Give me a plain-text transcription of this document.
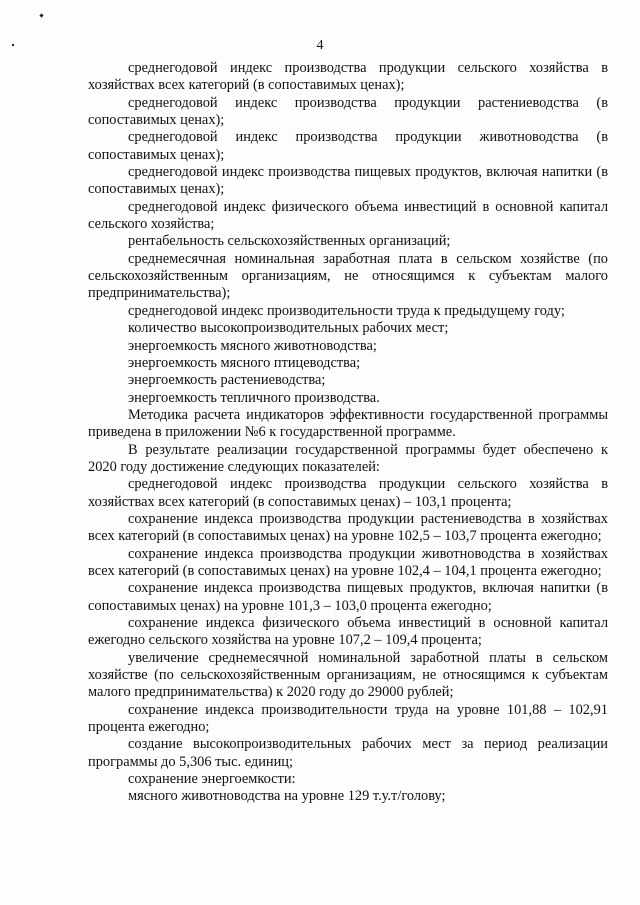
4

среднегодовой индекс производства продукции сельского хозяйства в хозяйствах всех категорий (в сопоставимых ценах);

среднегодовой индекс производства продукции растениеводства (в сопоставимых ценах);

среднегодовой индекс производства продукции животноводства (в сопоставимых ценах);

среднегодовой индекс производства пищевых продуктов, включая напитки (в сопоставимых ценах);

среднегодовой индекс физического объема инвестиций в основной капитал сельского хозяйства;

рентабельность сельскохозяйственных организаций;

среднемесячная номинальная заработная плата в сельском хозяйстве (по сельскохозяйственным организациям, не относящимся к субъектам малого предпринимательства);

среднегодовой индекс производительности труда к предыдущему году;

количество высокопроизводительных рабочих мест;

энергоемкость мясного животноводства;

энергоемкость мясного птицеводства;

энергоемкость растениеводства;

энергоемкость тепличного производства.

Методика расчета индикаторов эффективности государственной программы приведена в приложении №6 к государственной программе.

В результате реализации государственной программы будет обеспечено к 2020 году достижение следующих показателей:

среднегодовой индекс производства продукции сельского хозяйства в хозяйствах всех категорий (в сопоставимых ценах) – 103,1 процента;

сохранение индекса производства продукции растениеводства в хозяйствах всех категорий (в сопоставимых ценах) на уровне 102,5 – 103,7 процента ежегодно;

сохранение индекса производства продукции животноводства в хозяйствах всех категорий (в сопоставимых ценах) на уровне 102,4 – 104,1 процента ежегодно;

сохранение индекса производства пищевых продуктов, включая напитки (в сопоставимых ценах) на уровне 101,3 – 103,0 процента ежегодно;

сохранение индекса физического объема инвестиций в основной капитал ежегодно сельского хозяйства на уровне 107,2 – 109,4 процента;

увеличение среднемесячной номинальной заработной платы в сельском хозяйстве (по сельскохозяйственным организациям, не относящимся к субъектам малого предпринимательства) к 2020 году до 29000 рублей;

сохранение индекса производительности труда на уровне 101,88 – 102,91 процента ежегодно;

создание высокопроизводительных рабочих мест за период реализации программы до 5,306 тыс. единиц;

сохранение энергоемкости:

мясного животноводства на уровне 129 т.у.т/голову;
